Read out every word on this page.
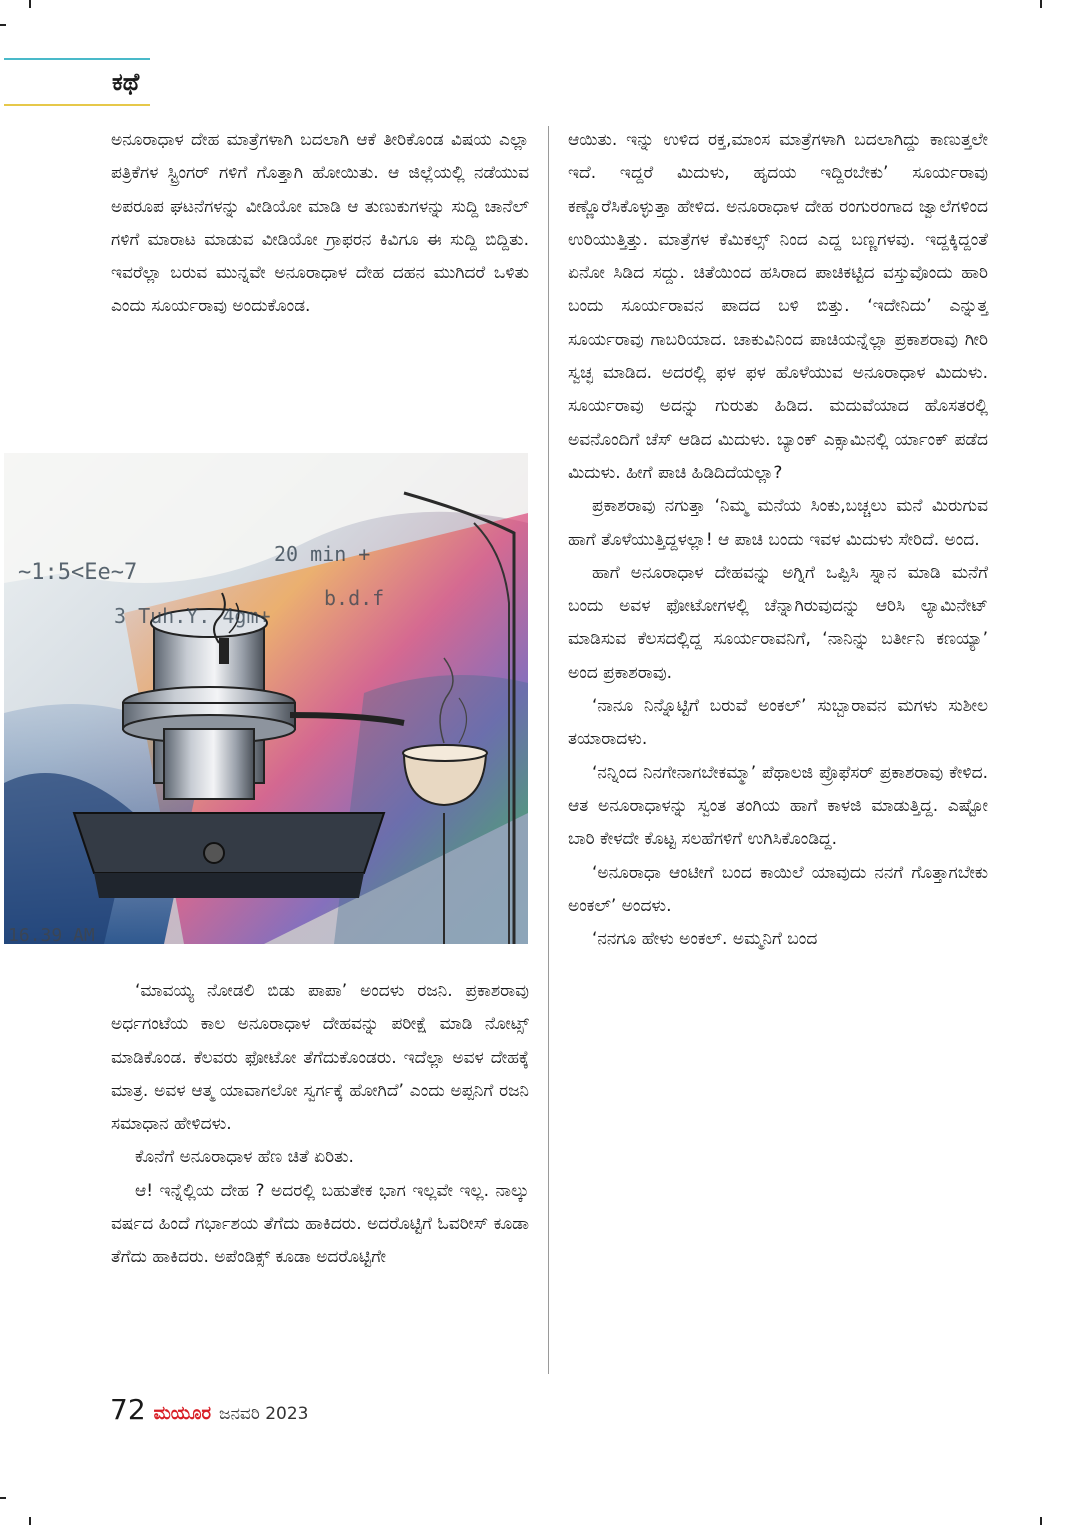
ಕಥೆ

ಅನೂರಾಧಾಳ ದೇಹ ಮಾತ್ರೆಗಳಾಗಿ ಬದಲಾಗಿ ಆಕೆ ತೀರಿಕೊಂಡ ವಿಷಯ ಎಲ್ಲಾ ಪತ್ರಿಕೆಗಳ ಸ್ಟ್ರಿಂಗರ್ ಗಳಿಗೆ ಗೊತ್ತಾಗಿ ಹೋಯಿತು. ಆ ಜಿಲ್ಲೆಯಲ್ಲಿ ನಡೆಯುವ ಅಪರೂಪ ಘಟನೆಗಳನ್ನು ವೀಡಿಯೋ ಮಾಡಿ ಆ ತುಣುಕುಗಳನ್ನು ಸುದ್ದಿ ಚಾನೆಲ್ ಗಳಿಗೆ ಮಾರಾಟ ಮಾಡುವ ವೀಡಿಯೋ ಗ್ರಾಫರನ ಕಿವಿಗೂ ಈ ಸುದ್ದಿ ಬಿದ್ದಿತು. ಇವರೆಲ್ಲಾ ಬರುವ ಮುನ್ನವೇ ಅನೂರಾಧಾಳ ದೇಹ ದಹನ ಮುಗಿದರೆ ಒಳಿತು ಎಂದು ಸೂರ್ಯರಾವು ಅಂದುಕೊಂಡ.

~1:5<Ee~7
20 min +
3 Tuh.Y. 4gm+
b.d.f
16.39 AM

‘ಮಾವಯ್ಯ ನೋಡಲಿ ಬಿಡು ಪಾಪಾ’ ಅಂದಳು ರಜನಿ. ಪ್ರಕಾಶರಾವು ಅರ್ಧಗಂಟೆಯ ಕಾಲ ಅನೂರಾಧಾಳ ದೇಹವನ್ನು ಪರೀಕ್ಷೆ ಮಾಡಿ ನೋಟ್ಸ್ ಮಾಡಿಕೊಂಡ. ಕೆಲವರು ಫೋಟೋ ತೆಗೆದುಕೊಂಡರು. ಇದೆಲ್ಲಾ ಅವಳ ದೇಹಕ್ಕೆ ಮಾತ್ರ. ಅವಳ ಆತ್ಮ ಯಾವಾಗಲೋ ಸ್ವರ್ಗಕ್ಕೆ ಹೋಗಿದೆ’ ಎಂದು ಅಪ್ಪನಿಗೆ ರಜನಿ ಸಮಾಧಾನ ಹೇಳಿದಳು.

ಕೊನೆಗೆ ಅನೂರಾಧಾಳ ಹೆಣ ಚಿತೆ ಏರಿತು.

ಆ! ಇನ್ನೆಲ್ಲಿಯ ದೇಹ ? ಅದರಲ್ಲಿ ಬಹುತೇಕ ಭಾಗ ಇಲ್ಲವೇ ಇಲ್ಲ. ನಾಲ್ಕು ವರ್ಷದ ಹಿಂದೆ ಗರ್ಭಾಶಯ ತೆಗೆದು ಹಾಕಿದರು. ಅದರೊಟ್ಟಿಗೆ ಓವರೀಸ್ ಕೂಡಾ ತೆಗೆದು ಹಾಕಿದರು. ಅಪೆಂಡಿಕ್ಸ್ ಕೂಡಾ ಅದರೊಟ್ಟಿಗೇ

ಆಯಿತು. ಇನ್ನು ಉಳಿದ ರಕ್ತ,ಮಾಂಸ ಮಾತ್ರೆಗಳಾಗಿ ಬದಲಾಗಿದ್ದು ಕಾಣುತ್ತಲೇ ಇದೆ. ಇದ್ದರೆ ಮಿದುಳು, ಹೃದಯ ಇದ್ದಿರಬೇಕು’ ಸೂರ್ಯರಾವು ಕಣ್ಣೊರೆಸಿಕೊಳ್ಳುತ್ತಾ ಹೇಳಿದ. ಅನೂರಾಧಾಳ ದೇಹ ರಂಗುರಂಗಾದ ಜ್ವಾಲೆಗಳಿಂದ ಉರಿಯುತ್ತಿತ್ತು. ಮಾತ್ರೆಗಳ ಕೆಮಿಕಲ್ಸ್ ನಿಂದ ಎದ್ದ ಬಣ್ಣಗಳವು. ಇದ್ದಕ್ಕಿದ್ದಂತೆ ಏನೋ ಸಿಡಿದ ಸದ್ದು. ಚಿತೆಯಿಂದ ಹಸಿರಾದ ಪಾಚಿಕಟ್ಟಿದ ವಸ್ತುವೊಂದು ಹಾರಿ ಬಂದು ಸೂರ್ಯರಾವನ ಪಾದದ ಬಳಿ ಬಿತ್ತು. ‘ಇದೇನಿದು’ ಎನ್ನುತ್ತ ಸೂರ್ಯರಾವು ಗಾಬರಿಯಾದ. ಚಾಕುವಿನಿಂದ ಪಾಚಿಯನ್ನೆಲ್ಲಾ ಪ್ರಕಾಶರಾವು ಗೀರಿ ಸ್ವಚ್ಛ ಮಾಡಿದ. ಅದರಲ್ಲಿ ಫಳ ಫಳ ಹೊಳೆಯುವ ಅನೂರಾಧಾಳ ಮಿದುಳು. ಸೂರ್ಯರಾವು ಅದನ್ನು ಗುರುತು ಹಿಡಿದ. ಮದುವೆಯಾದ ಹೊಸತರಲ್ಲಿ ಅವನೊಂದಿಗೆ ಚೆಸ್ ಆಡಿದ ಮಿದುಳು. ಬ್ಯಾಂಕ್ ಎಕ್ಸಾಮಿನಲ್ಲಿ ರ್ಯಾಂಕ್ ಪಡೆದ ಮಿದುಳು. ಹೀಗೆ ಪಾಚಿ ಹಿಡಿದಿದೆಯಲ್ಲಾ?

ಪ್ರಕಾಶರಾವು ನಗುತ್ತಾ ‘ನಿಮ್ಮ ಮನೆಯ ಸಿಂಕು,ಬಚ್ಚಲು ಮನೆ ಮಿರುಗುವ ಹಾಗೆ ತೊಳೆಯುತ್ತಿದ್ದಳಲ್ಲಾ! ಆ ಪಾಚಿ ಬಂದು ಇವಳ ಮಿದುಳು ಸೇರಿದೆ. ಅಂದ.

ಹಾಗೆ ಅನೂರಾಧಾಳ ದೇಹವನ್ನು ಅಗ್ನಿಗೆ ಒಪ್ಪಿಸಿ ಸ್ನಾನ ಮಾಡಿ ಮನೆಗೆ ಬಂದು ಅವಳ ಫೋಟೋಗಳಲ್ಲಿ ಚೆನ್ನಾಗಿರುವುದನ್ನು ಆರಿಸಿ ಲ್ಯಾಮಿನೇಟ್ ಮಾಡಿಸುವ ಕೆಲಸದಲ್ಲಿದ್ದ ಸೂರ್ಯರಾವನಿಗೆ, ‘ನಾನಿನ್ನು ಬರ್ತೀನಿ ಕಣಯ್ಯಾ’ ಅಂದ ಪ್ರಕಾಶರಾವು.

‘ನಾನೂ ನಿನ್ನೊಟ್ಟಿಗೆ ಬರುವೆ ಅಂಕಲ್’ ಸುಬ್ಬಾರಾವನ ಮಗಳು ಸುಶೀಲ ತಯಾರಾದಳು.

‘ನನ್ನಿಂದ ನಿನಗೇನಾಗಬೇಕಮ್ಮಾ’ ಪೆಥಾಲಜಿ ಪ್ರೊಫೆಸರ್ ಪ್ರಕಾಶರಾವು ಕೇಳಿದ. ಆತ ಅನೂರಾಧಾಳನ್ನು ಸ್ವಂತ ತಂಗಿಯ ಹಾಗೆ ಕಾಳಜಿ ಮಾಡುತ್ತಿದ್ದ. ಎಷ್ಟೋ ಬಾರಿ ಕೇಳದೇ ಕೊಟ್ಟ ಸಲಹೆಗಳಿಗೆ ಉಗಿಸಿಕೊಂಡಿದ್ದ.

‘ಅನೂರಾಧಾ ಆಂಟೀಗೆ ಬಂದ ಕಾಯಿಲೆ ಯಾವುದು ನನಗೆ ಗೊತ್ತಾಗಬೇಕು ಅಂಕಲ್’ ಅಂದಳು.

‘ನನಗೂ ಹೇಳು ಅಂಕಲ್. ಅಮ್ಮನಿಗೆ ಬಂದ

72 ಮಯೂರ ಜನವರಿ 2023
